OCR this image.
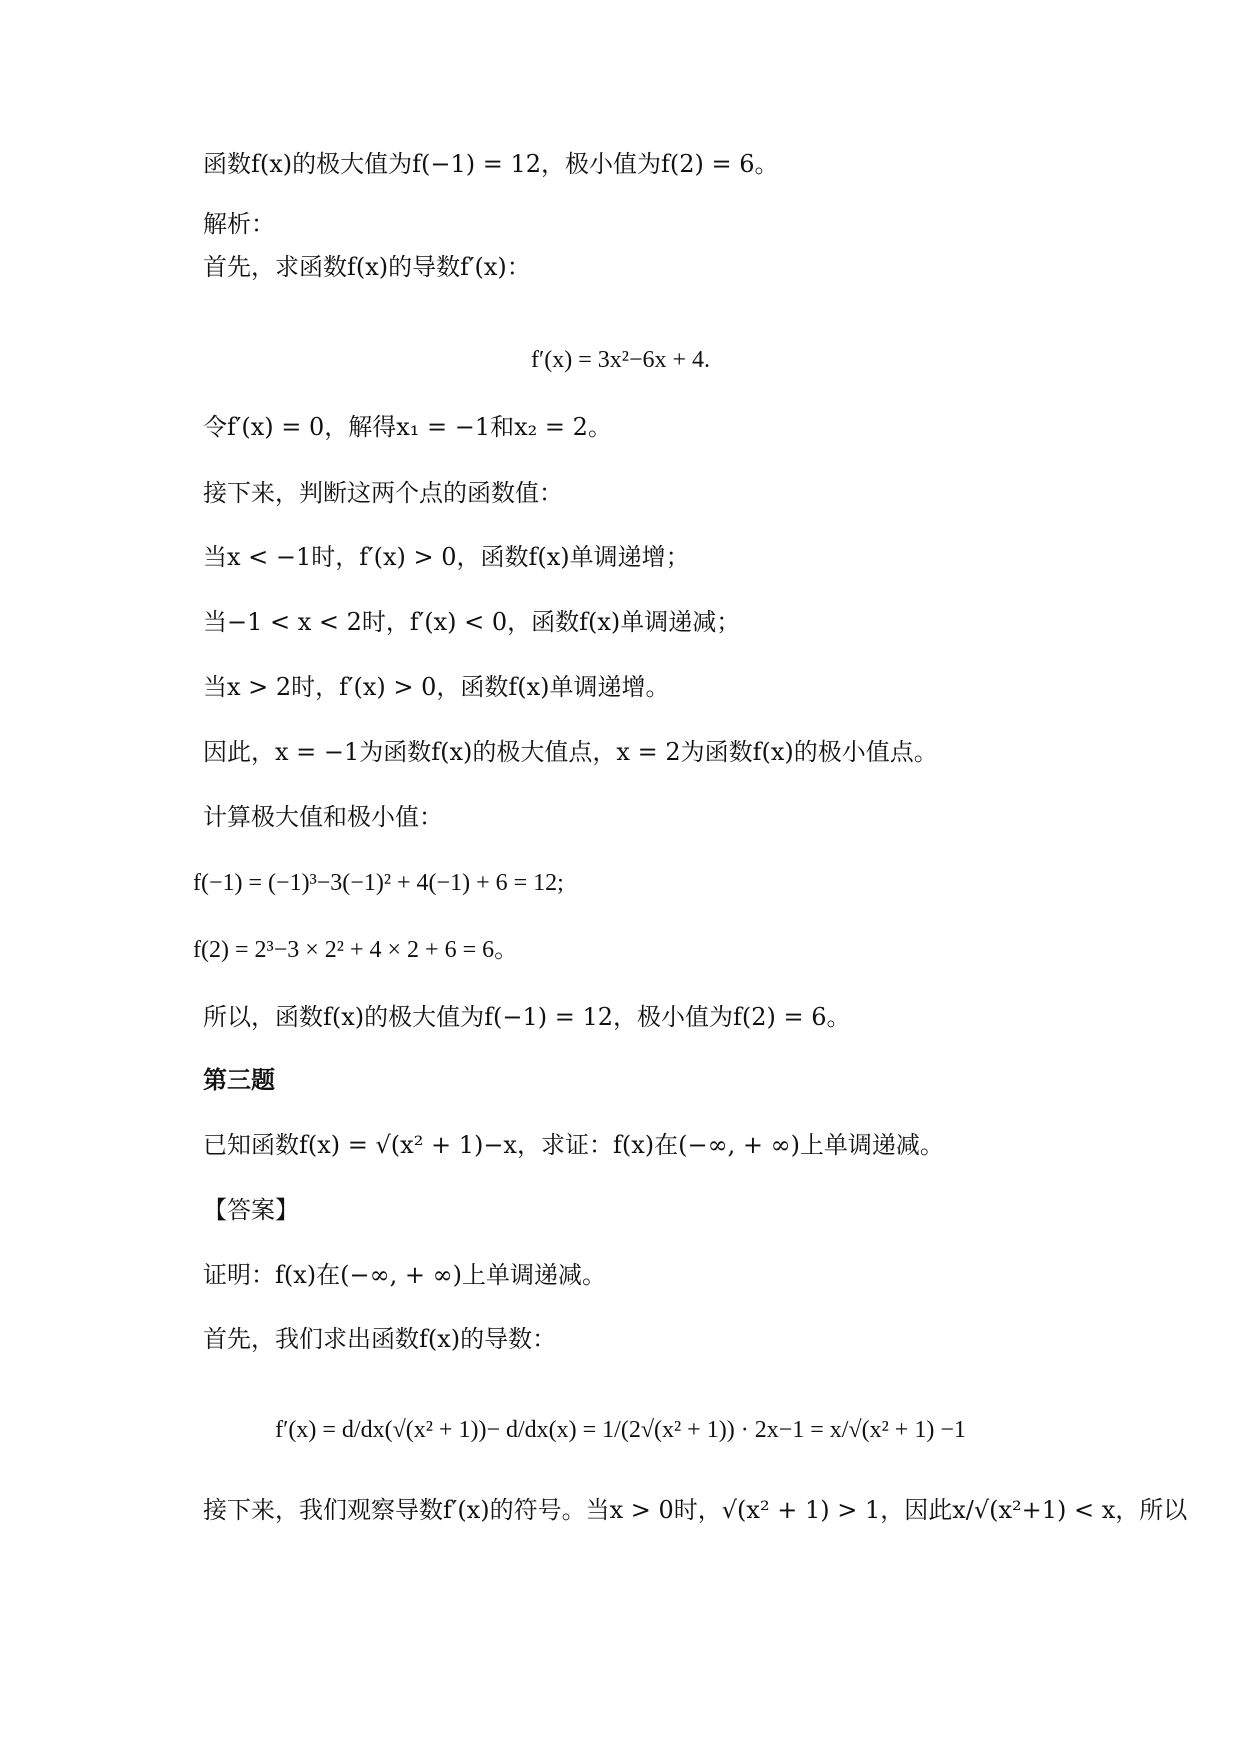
函数f(x)的极大值为f(−1) = 12，极小值为f(2) = 6。

解析：

首先，求函数f(x)的导数f′(x)：

f′(x) = 3x²−6x + 4.

令f′(x) = 0，解得x₁ = −1和x₂ = 2。

接下来，判断这两个点的函数值：

当x < −1时，f′(x) > 0，函数f(x)单调递增；

当−1 < x < 2时，f′(x) < 0，函数f(x)单调递减；

当x > 2时，f′(x) > 0，函数f(x)单调递增。

因此，x = −1为函数f(x)的极大值点，x = 2为函数f(x)的极小值点。

计算极大值和极小值：

f(−1) = (−1)³−3(−1)² + 4(−1) + 6 = 12;

f(2) = 2³−3 × 2² + 4 × 2 + 6 = 6。

所以，函数f(x)的极大值为f(−1) = 12，极小值为f(2) = 6。

第三题

已知函数f(x) = √(x² + 1)−x，求证：f(x)在(−∞, + ∞)上单调递减。

【答案】

证明：f(x)在(−∞, + ∞)上单调递减。

首先，我们求出函数f(x)的导数：

f′(x) = d/dx(√(x² + 1))− d/dx(x) = 1/(2√(x² + 1)) · 2x−1 = x/√(x² + 1) −1

接下来，我们观察导数f′(x)的符号。当x > 0时，√(x² + 1) > 1，因此x/√(x²+1) < x，所以
